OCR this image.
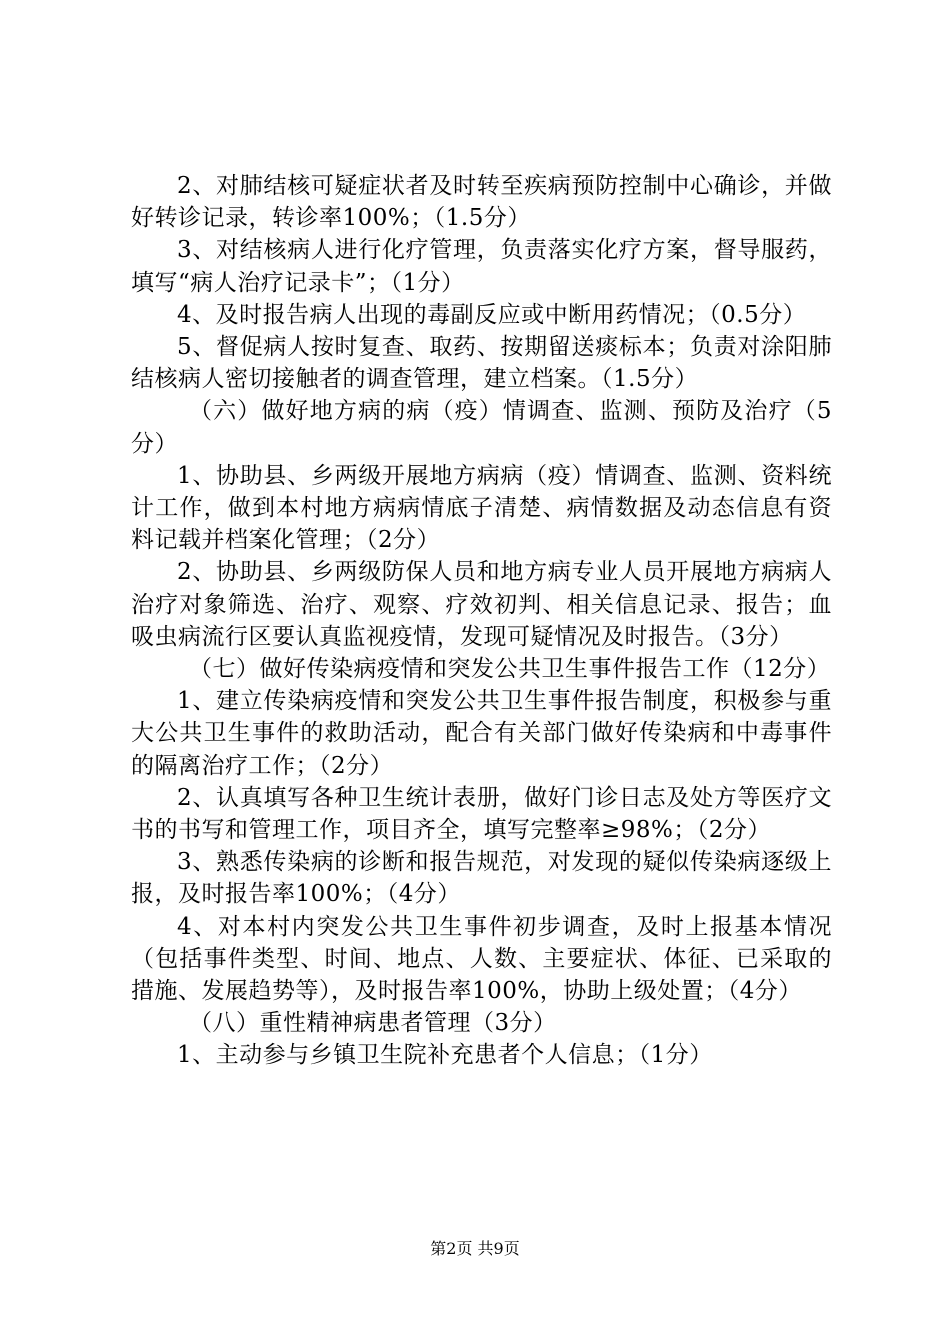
2、对肺结核可疑症状者及时转至疾病预防控制中心确诊，并做好转诊记录，转诊率100%；（1.5分）

3、对结核病人进行化疗管理，负责落实化疗方案，督导服药，填写“病人治疗记录卡”；（1分）

4、及时报告病人出现的毒副反应或中断用药情况；（0.5分）

5、督促病人按时复查、取药、按期留送痰标本；负责对涂阳肺结核病人密切接触者的调查管理，建立档案。（1.5分）

（六）做好地方病的病（疫）情调查、监测、预防及治疗（5分）

1、协助县、乡两级开展地方病病（疫）情调查、监测、资料统计工作，做到本村地方病病情底子清楚、病情数据及动态信息有资料记载并档案化管理；（2分）

2、协助县、乡两级防保人员和地方病专业人员开展地方病病人治疗对象筛选、治疗、观察、疗效初判、相关信息记录、报告；血吸虫病流行区要认真监视疫情，发现可疑情况及时报告。（3分）

（七）做好传染病疫情和突发公共卫生事件报告工作（12分）

1、建立传染病疫情和突发公共卫生事件报告制度，积极参与重大公共卫生事件的救助活动，配合有关部门做好传染病和中毒事件的隔离治疗工作；（2分）

2、认真填写各种卫生统计表册，做好门诊日志及处方等医疗文书的书写和管理工作，项目齐全，填写完整率≥98%；（2分）

3、熟悉传染病的诊断和报告规范，对发现的疑似传染病逐级上报，及时报告率100%；（4分）

4、对本村内突发公共卫生事件初步调查，及时上报基本情况（包括事件类型、时间、地点、人数、主要症状、体征、已采取的措施、发展趋势等），及时报告率100%，协助上级处置；（4分）

（八）重性精神病患者管理（3分）

1、主动参与乡镇卫生院补充患者个人信息；（1分）

第2页 共9页
